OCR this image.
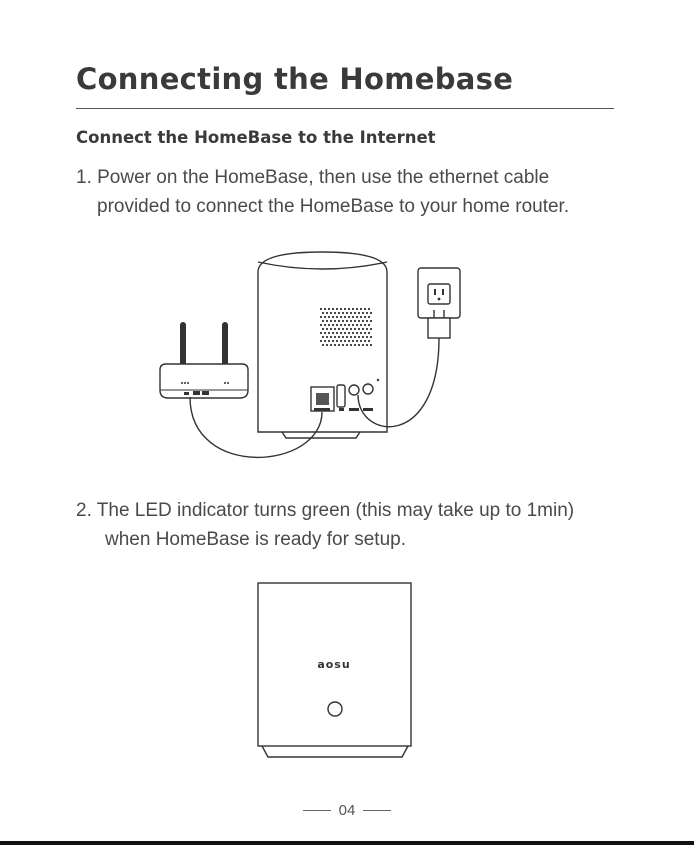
Connecting the Homebase
Connect the HomeBase to the Internet

1. Power on the HomeBase, then use the ethernet cable
provided to connect the HomeBase to your home router.

2. The LED indicator turns green (this may take up to 1min)
when HomeBase is ready for setup.

aosu
04
